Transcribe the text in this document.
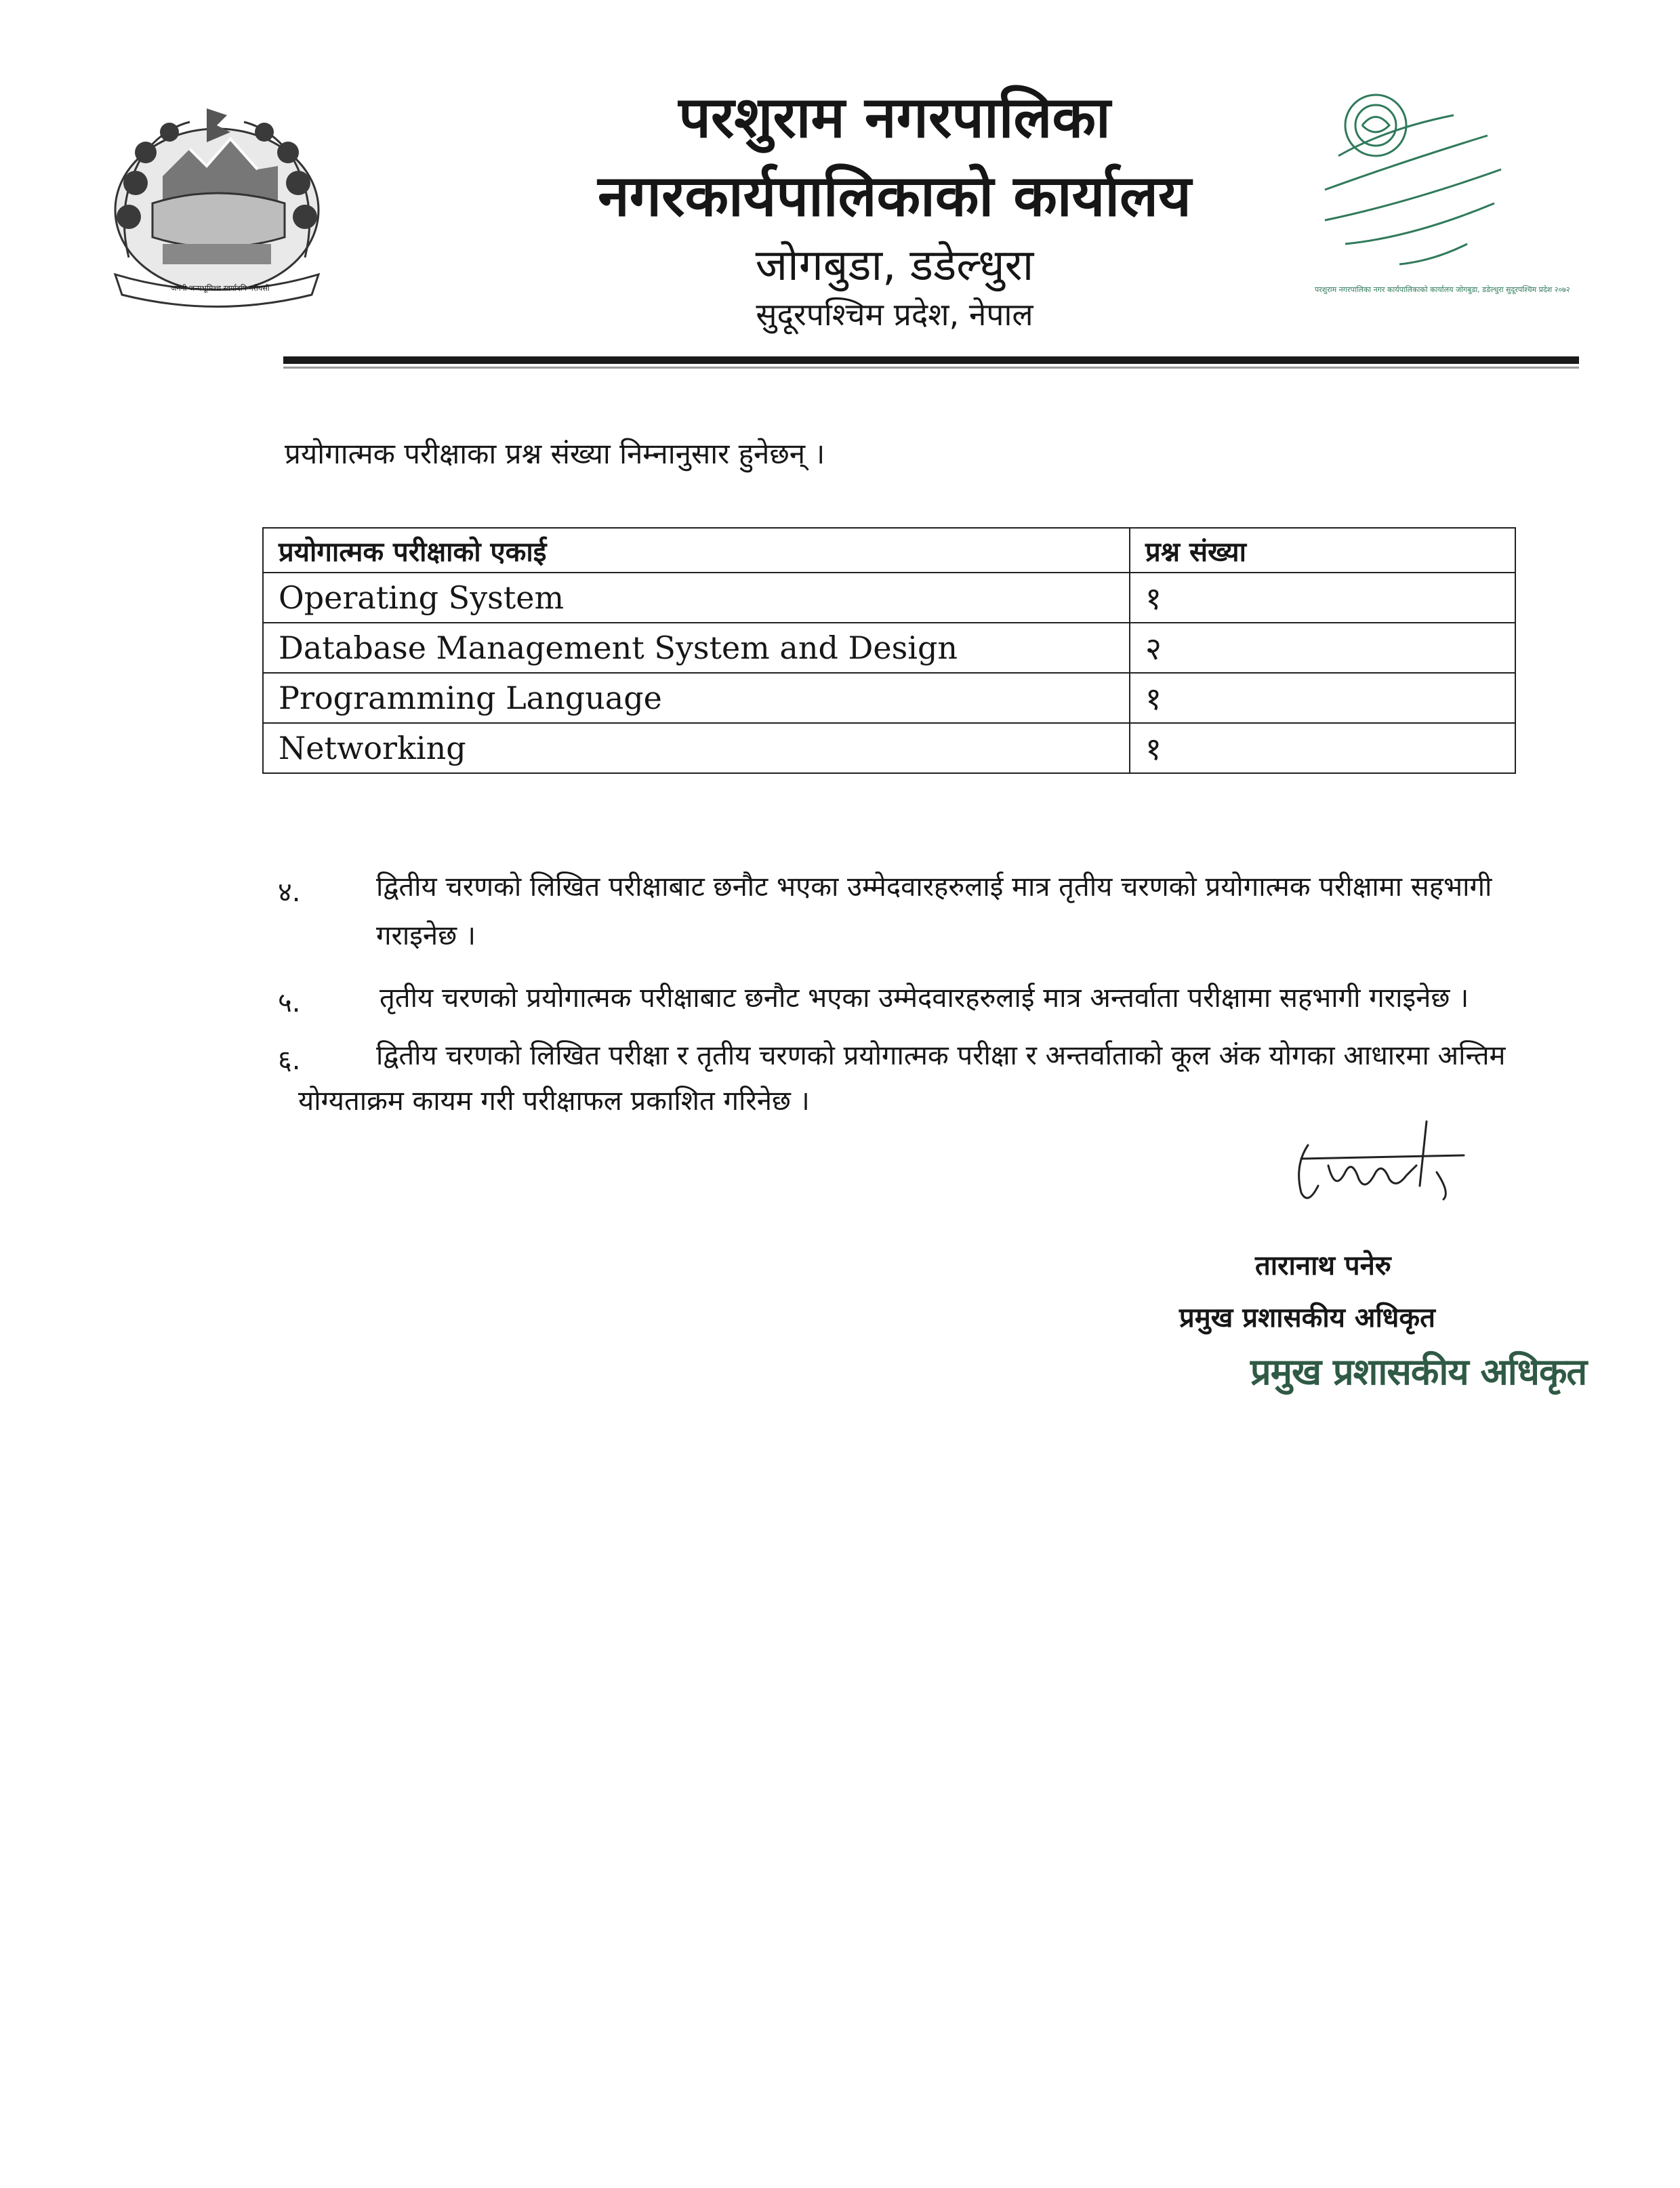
जननी जन्मभूमिश्च स्वर्गादपि गरीयसी
परशुराम नगरपालिका
नगरकार्यपालिकाको कार्यालय
जोगबुडा, डडेल्धुरा
सुदूरपश्चिम प्रदेश, नेपाल
परशुराम नगरपालिका नगर कार्यपालिकाको कार्यालय जोगबुडा, डडेल्धुरा सुदूरपश्चिम प्रदेश २०७२
प्रयोगात्मक परीक्षाका प्रश्न संख्या निम्नानुसार हुनेछन् ।
प्रयोगात्मक परीक्षाको एकाई	प्रश्न संख्या
Operating System	१
Database Management System and Design	२
Programming Language	१
Networking	१
४.	द्वितीय चरणको लिखित परीक्षाबाट छनौट भएका उम्मेदवारहरुलाई मात्र तृतीय चरणको प्रयोगात्मक परीक्षामा सहभागी
गराइनेछ ।
५.	तृतीय चरणको प्रयोगात्मक परीक्षाबाट छनौट भएका उम्मेदवारहरुलाई मात्र अन्तर्वाता परीक्षामा सहभागी गराइनेछ ।
६.	द्वितीय चरणको लिखित परीक्षा र तृतीय चरणको प्रयोगात्मक परीक्षा र अन्तर्वाताको कूल अंक योगका आधारमा अन्तिम
योग्यताक्रम कायम गरी परीक्षाफल प्रकाशित गरिनेछ ।
तारानाथ पनेरु
प्रमुख प्रशासकीय अधिकृत
प्रमुख प्रशासकीय अधिकृत
